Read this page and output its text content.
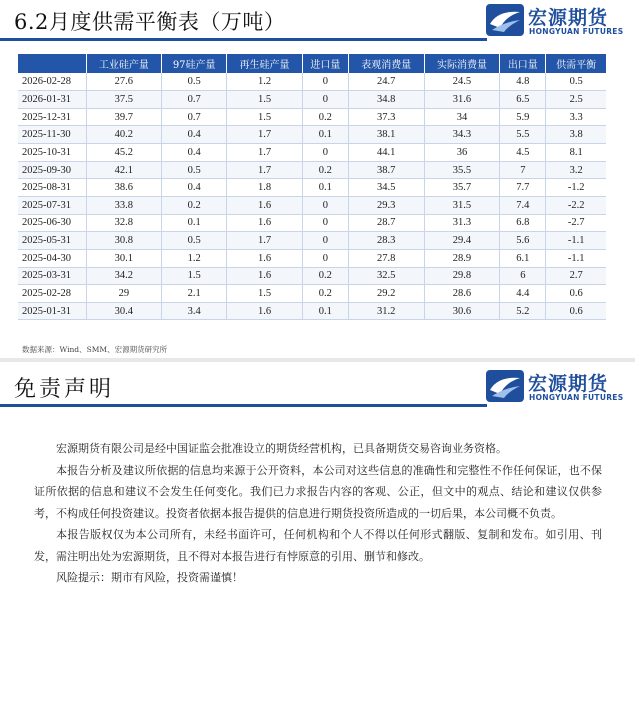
6.2月度供需平衡表（万吨）	宏源期货
HONGYUAN FUTURES
	工业硅产量	97硅产量	再生硅产量	进口量	表观消费量	实际消费量	出口量	供需平衡
2026-02-28	27.6	0.5	1.2	0	24.7	24.5	4.8	0.5
2026-01-31	37.5	0.7	1.5	0	34.8	31.6	6.5	2.5
2025-12-31	39.7	0.7	1.5	0.2	37.3	34	5.9	3.3
2025-11-30	40.2	0.4	1.7	0.1	38.1	34.3	5.5	3.8
2025-10-31	45.2	0.4	1.7	0	44.1	36	4.5	8.1
2025-09-30	42.1	0.5	1.7	0.2	38.7	35.5	7	3.2
2025-08-31	38.6	0.4	1.8	0.1	34.5	35.7	7.7	-1.2
2025-07-31	33.8	0.2	1.6	0	29.3	31.5	7.4	-2.2
2025-06-30	32.8	0.1	1.6	0	28.7	31.3	6.8	-2.7
2025-05-31	30.8	0.5	1.7	0	28.3	29.4	5.6	-1.1
2025-04-30	30.1	1.2	1.6	0	27.8	28.9	6.1	-1.1
2025-03-31	34.2	1.5	1.6	0.2	32.5	29.8	6	2.7
2025-02-28	29	2.1	1.5	0.2	29.2	28.6	4.4	0.6
2025-01-31	30.4	3.4	1.6	0.1	31.2	30.6	5.2	0.6
数据来源：Wind、SMM、宏源期货研究所
免责声明	宏源期货
HONGYUAN FUTURES

宏源期货有限公司是经中国证监会批准设立的期货经营机构，已具备期货交易咨询业务资格。

本报告分析及建议所依据的信息均来源于公开资料，本公司对这些信息的准确性和完整性不作任何保证，也不保证所依据的信息和建议不会发生任何变化。我们已力求报告内容的客观、公正，但文中的观点、结论和建议仅供参考，不构成任何投资建议。投资者依据本报告提供的信息进行期货投资所造成的一切后果，本公司概不负责。

本报告版权仅为本公司所有，未经书面许可，任何机构和个人不得以任何形式翻版、复制和发布。如引用、刊发，需注明出处为宏源期货，且不得对本报告进行有悖原意的引用、删节和修改。

风险提示：期市有风险，投资需谨慎！
